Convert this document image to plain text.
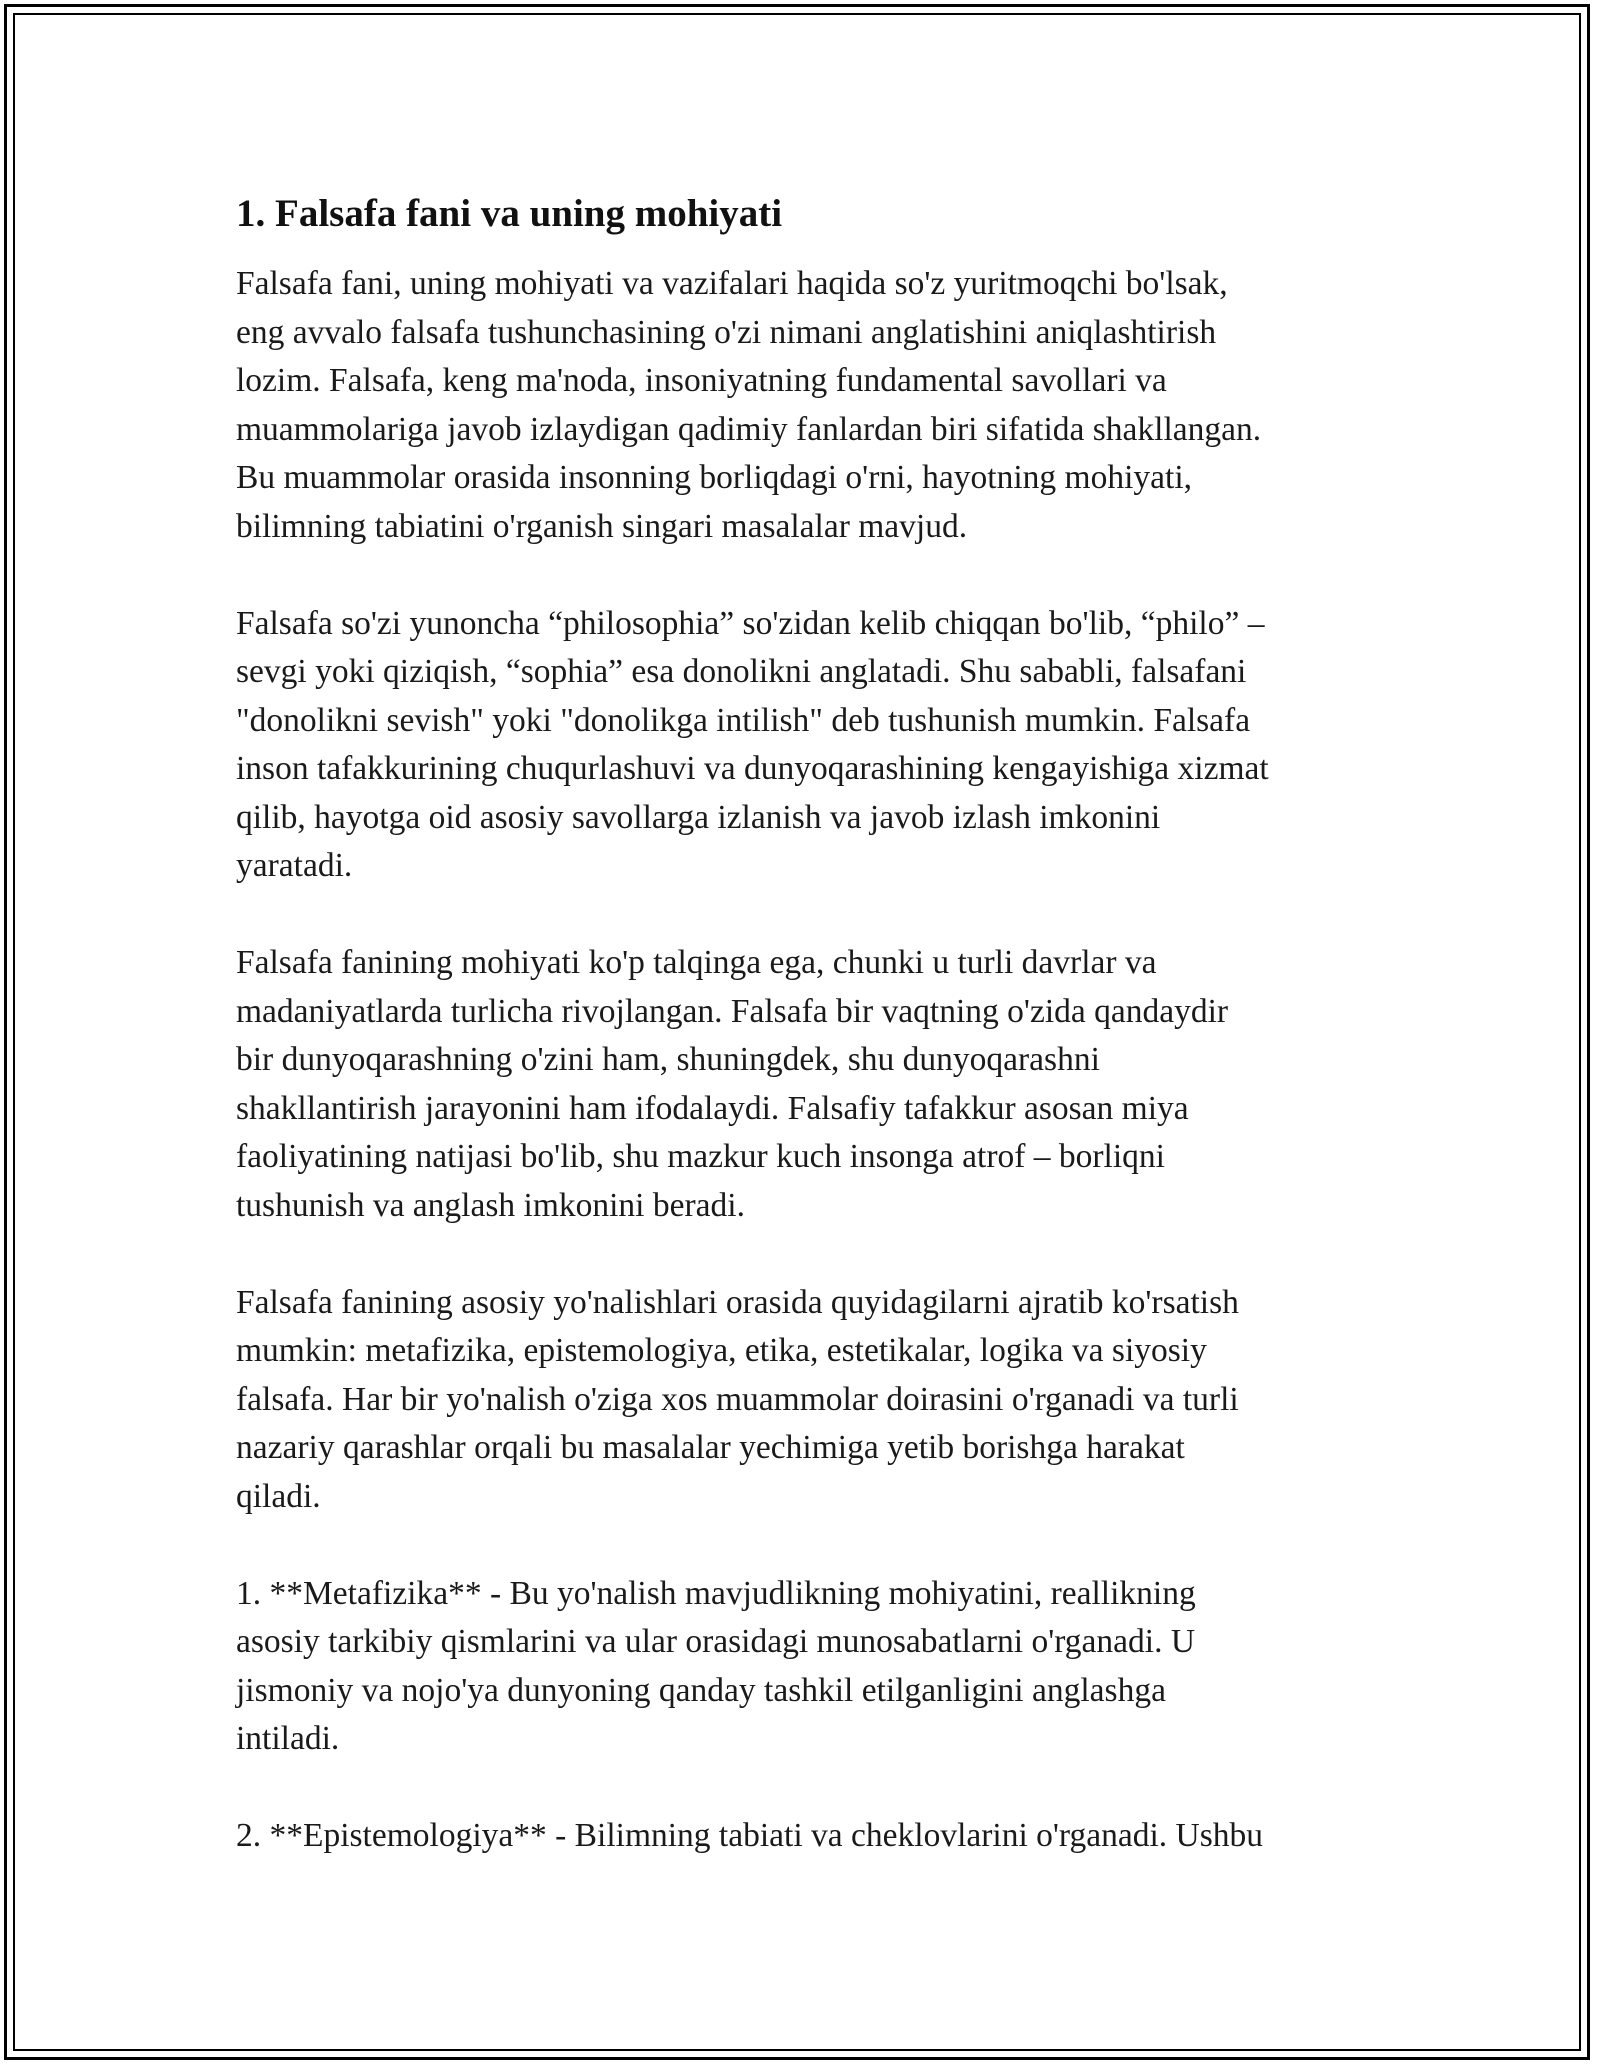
1. Falsafa fani va uning mohiyati

Falsafa fani, uning mohiyati va vazifalari haqida so'z yuritmoqchi bo'lsak,
eng avvalo falsafa tushunchasining o'zi nimani anglatishini aniqlashtirish
lozim. Falsafa, keng ma'noda, insoniyatning fundamental savollari va
muammolariga javob izlaydigan qadimiy fanlardan biri sifatida shakllangan.
Bu muammolar orasida insonning borliqdagi o'rni, hayotning mohiyati,
bilimning tabiatini o'rganish singari masalalar mavjud.

Falsafa so'zi yunoncha “philosophia” so'zidan kelib chiqqan bo'lib, “philo” –
sevgi yoki qiziqish, “sophia” esa donolikni anglatadi. Shu sababli, falsafani
"donolikni sevish" yoki "donolikga intilish" deb tushunish mumkin. Falsafa
inson tafakkurining chuqurlashuvi va dunyoqarashining kengayishiga xizmat
qilib, hayotga oid asosiy savollarga izlanish va javob izlash imkonini
yaratadi.

Falsafa fanining mohiyati ko'p talqinga ega, chunki u turli davrlar va
madaniyatlarda turlicha rivojlangan. Falsafa bir vaqtning o'zida qandaydir
bir dunyoqarashning o'zini ham, shuningdek, shu dunyoqarashni
shakllantirish jarayonini ham ifodalaydi. Falsafiy tafakkur asosan miya
faoliyatining natijasi bo'lib, shu mazkur kuch insonga atrof – borliqni
tushunish va anglash imkonini beradi.

Falsafa fanining asosiy yo'nalishlari orasida quyidagilarni ajratib ko'rsatish
mumkin: metafizika, epistemologiya, etika, estetikalar, logika va siyosiy
falsafa. Har bir yo'nalish o'ziga xos muammolar doirasini o'rganadi va turli
nazariy qarashlar orqali bu masalalar yechimiga yetib borishga harakat
qiladi.

1. **Metafizika** - Bu yo'nalish mavjudlikning mohiyatini, reallikning
asosiy tarkibiy qismlarini va ular orasidagi munosabatlarni o'rganadi. U
jismoniy va nojo'ya dunyoning qanday tashkil etilganligini anglashga
intiladi.

2. **Epistemologiya** - Bilimning tabiati va cheklovlarini o'rganadi. Ushbu
